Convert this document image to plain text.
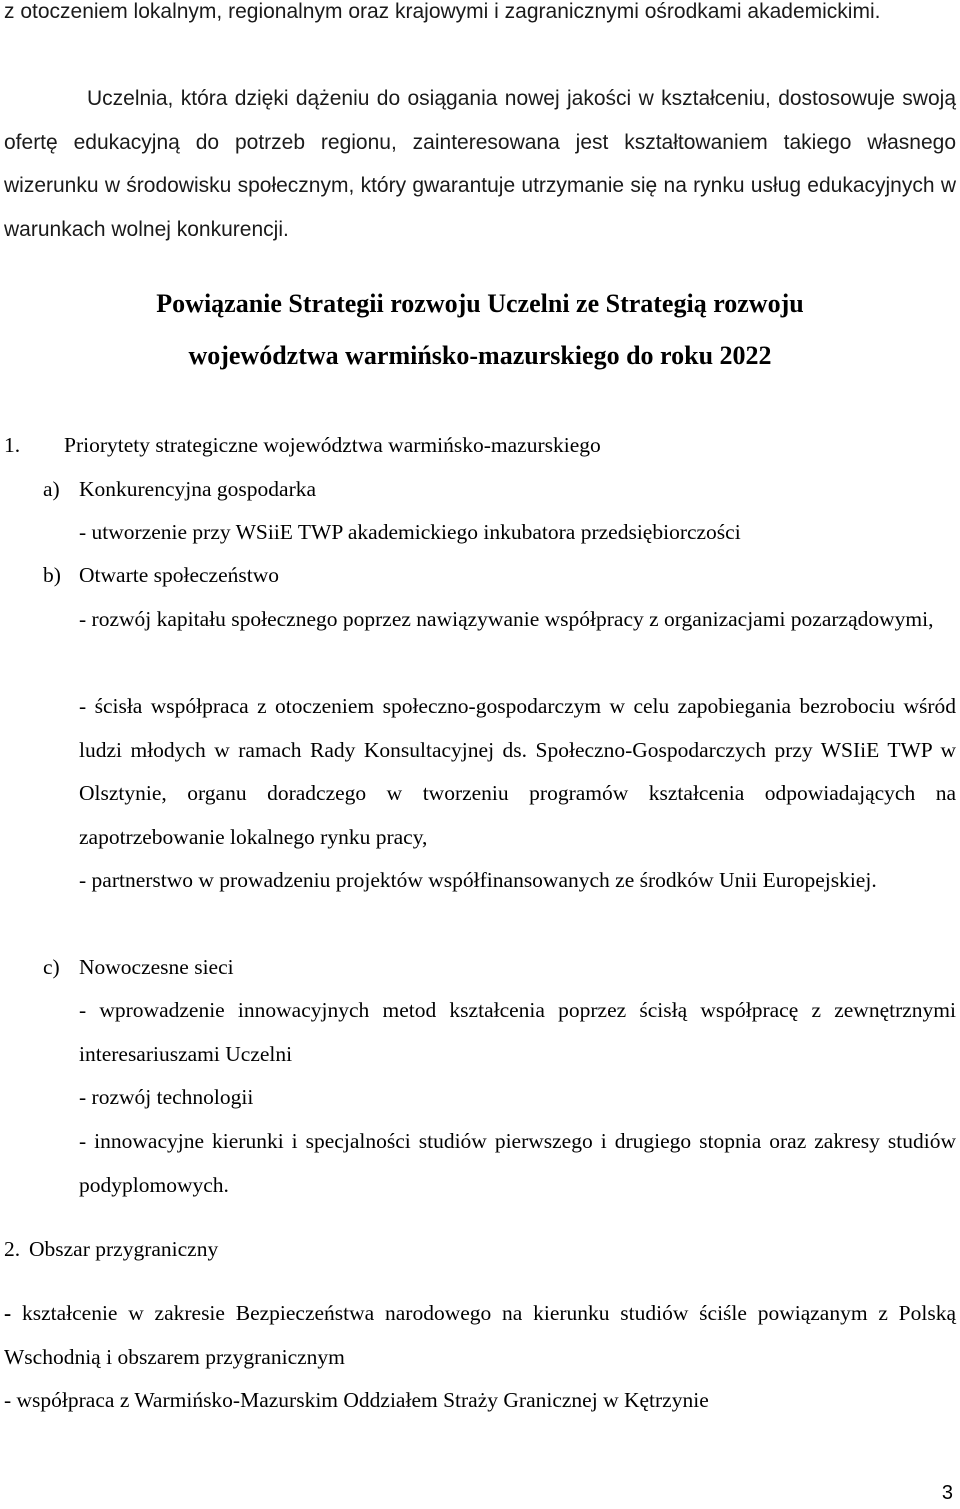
z otoczeniem lokalnym, regionalnym oraz krajowymi i zagranicznymi ośrodkami akademickimi.

Uczelnia, która dzięki dążeniu do osiągania nowej jakości w kształceniu, dostosowuje swoją ofertę edukacyjną do potrzeb regionu, zainteresowana jest kształtowaniem takiego własnego wizerunku w środowisku społecznym, który gwarantuje utrzymanie się na rynku usług edukacyjnych w warunkach wolnej konkurencji.

Powiązanie Strategii rozwoju Uczelni ze Strategią rozwoju
województwa warmińsko-mazurskiego do roku 2022
1. Priorytety strategiczne województwa warmińsko-mazurskiego
a) Konkurencyjna gospodarka
- utworzenie przy WSiiE TWP akademickiego inkubatora przedsiębiorczości
b) Otwarte społeczeństwo

- rozwój kapitału społecznego poprzez nawiązywanie współpracy z organizacjami pozarządowymi,

- ścisła współpraca z otoczeniem społeczno-gospodarczym w celu zapobiegania bezrobociu wśród ludzi młodych w ramach Rady Konsultacyjnej ds. Społeczno-Gospodarczych przy WSIiE TWP w Olsztynie, organu doradczego w tworzeniu programów kształcenia odpowiadających na zapotrzebowanie lokalnego rynku pracy,

- partnerstwo w prowadzeniu projektów współfinansowanych ze środków Unii Europejskiej.

c) Nowoczesne sieci

- wprowadzenie innowacyjnych metod kształcenia poprzez ścisłą współpracę z zewnętrznymi interesariuszami Uczelni

- rozwój technologii

- innowacyjne kierunki i specjalności studiów pierwszego i drugiego stopnia oraz zakresy studiów podyplomowych.

2. Obszar przygraniczny

- kształcenie w zakresie Bezpieczeństwa narodowego na kierunku studiów ściśle powiązanym z Polską Wschodnią i obszarem przygranicznym

- współpraca z Warmińsko-Mazurskim Oddziałem Straży Granicznej w Kętrzynie
3
